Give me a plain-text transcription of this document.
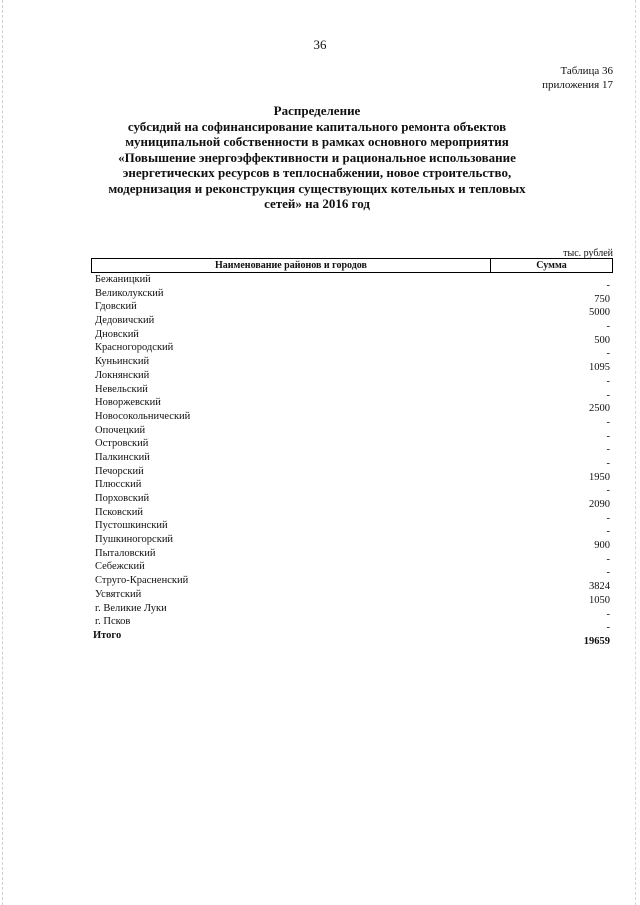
36
Таблица 36
приложения 17
Распределение
субсидий на софинансирование капитального ремонта объектов
муниципальной собственности в рамках основного мероприятия
«Повышение энергоэффективности и рациональное использование
энергетических ресурсов в теплоснабжении, новое строительство,
модернизация и реконструкция существующих котельных и тепловых
сетей» на 2016 год
тыс. рублей
Наименование районов и городов	Сумма
Бежаницкий
-
Великолукский
750
Гдовский
5000
Дедовичский
-
Дновский
500
Красногородский
-
Куньинский
1095
Локнянский
-
Невельский
-
Новоржевский
2500
Новосокольнический
-
Опочецкий
-
Островский
-
Палкинский
-
Печорский
1950
Плюсский
-
Порховский
2090
Псковский
-
Пустошкинский
-
Пушкиногорский
900
Пыталовский
-
Себежский
-
Струго-Красненский
3824
Усвятский
1050
г. Великие Луки
-
г. Псков
-
Итого
19659
